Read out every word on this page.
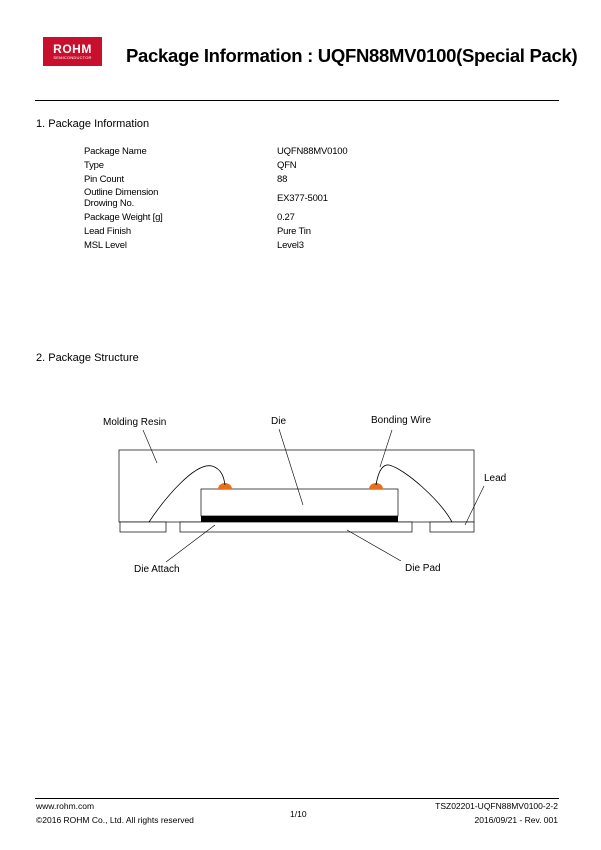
ROHM
SEMICONDUCTOR	Package Information : UQFN88MV0100(Special Pack)
1. Package Information
Package Name	UQFN88MV0100
Type	QFN
Pin Count	88
Outline Dimension
Drowing No.	EX377-5001
Package Weight [g]	0.27
Lead Finish	Pure Tin
MSL Level	Level3
2. Package Structure
Molding Resin	Die	Bonding Wire
Lead
Die Attach	Die Pad
www.rohm.com
©2016 ROHM Co., Ltd. All rights reserved
1/10
TSZ02201-UQFN88MV0100-2-2
2016/09/21 - Rev. 001
